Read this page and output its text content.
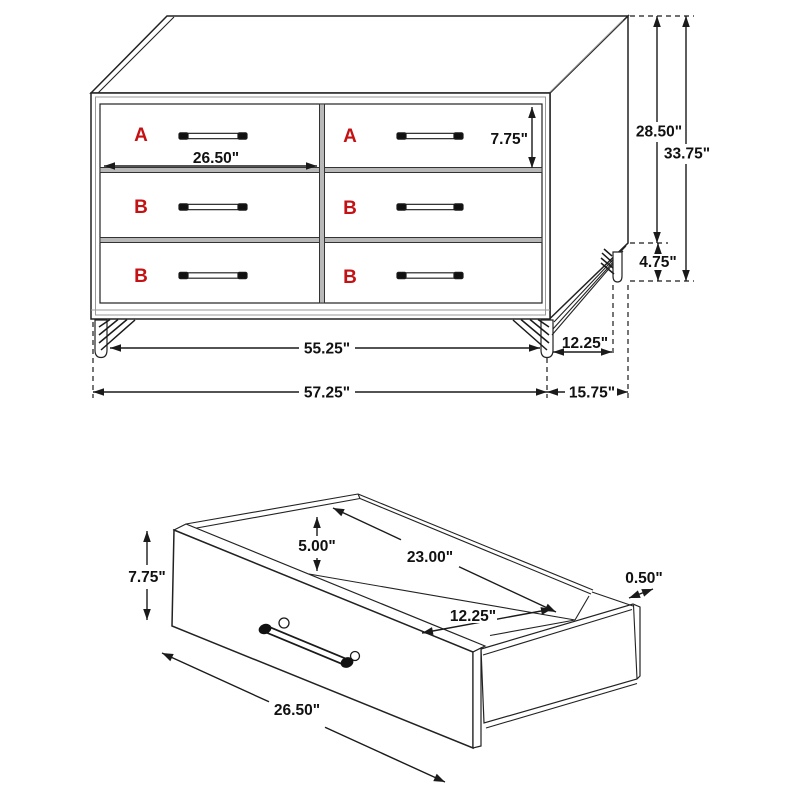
A	A
B	B
B	B
26.50"
7.75"	28.50"
33.75"
4.75"
55.25"	12.25"
57.25"	15.75"
7.75"
5.00"
23.00"
12.25"
0.50"
26.50"
